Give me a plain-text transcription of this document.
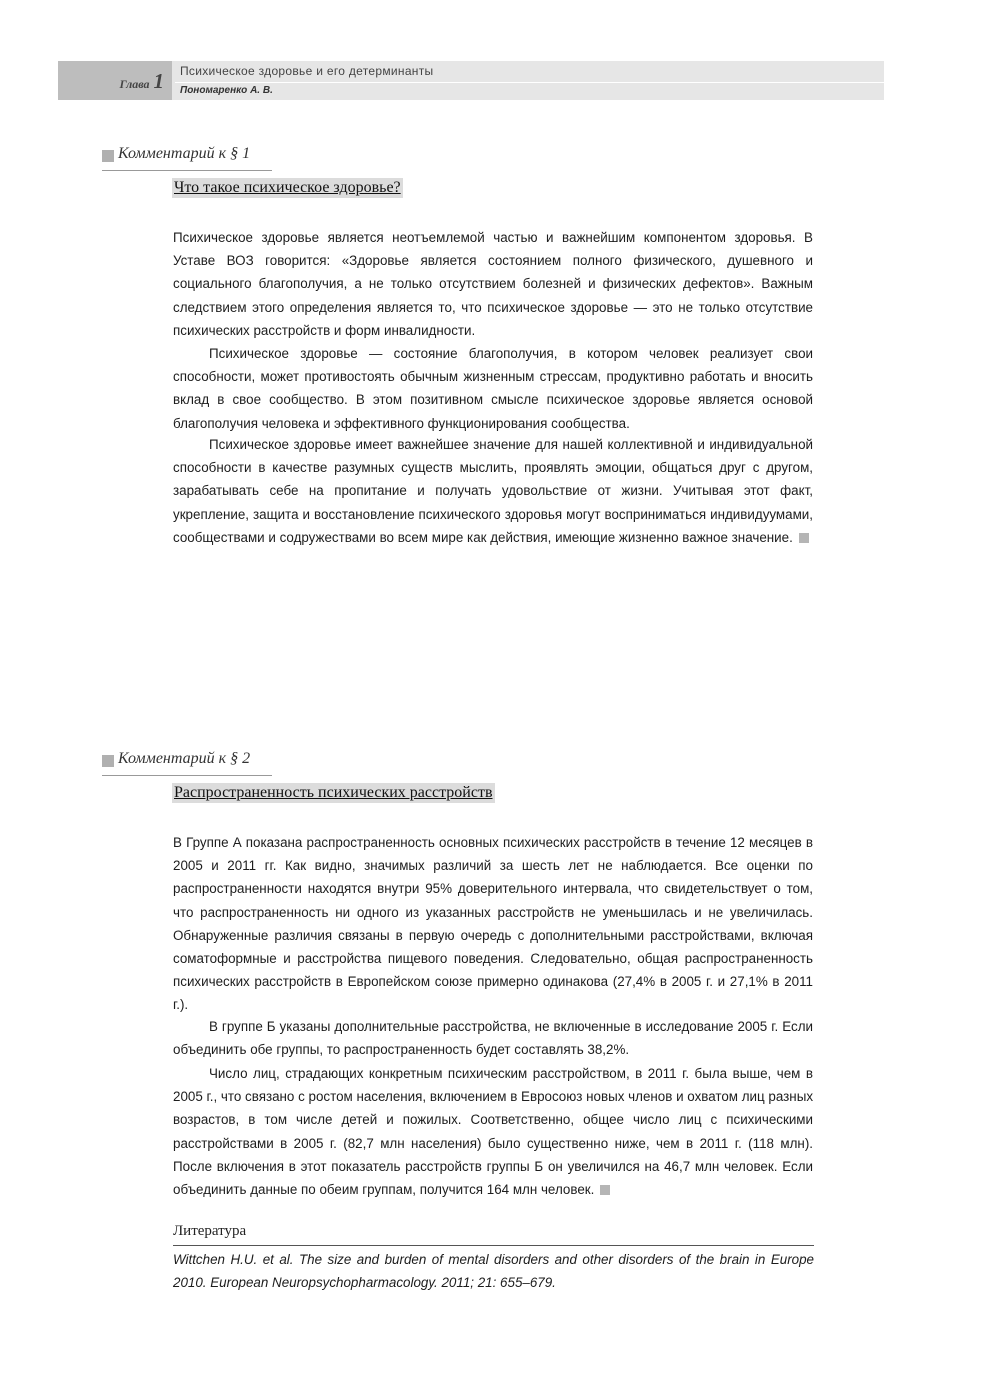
Глава 1 Психическое здоровье и его детерминанты
Пономаренко А. В.
Комментарий к § 1
Что такое психическое здоровье?

Психическое здоровье является неотъемлемой частью и важнейшим компонентом здоровья. В Уставе ВОЗ говорится: «Здоровье является состоянием полного физического, душевного и социального благополучия, а не только отсутствием болезней и физических дефектов». Важным следствием этого определения является то, что психическое здоровье — это не только отсутствие психических расстройств и форм инвалидности.

Психическое здоровье — состояние благополучия, в котором человек реализует свои способности, может противостоять обычным жизненным стрессам, продуктивно работать и вносить вклад в свое сообщество. В этом позитивном смысле психическое здоровье является основой благополучия человека и эффективного функционирования сообщества.

Психическое здоровье имеет важнейшее значение для нашей коллективной и индивидуальной способности в качестве разумных существ мыслить, проявлять эмоции, общаться друг с другом, зарабатывать себе на пропитание и получать удовольствие от жизни. Учитывая этот факт, укрепление, защита и восстановление психического здоровья могут восприниматься индивидуумами, сообществами и содружествами во всем мире как действия, имеющие жизненно важное значение.

Комментарий к § 2
Распространенность психических расстройств

В Группе А показана распространенность основных психических расстройств в течение 12 месяцев в 2005 и 2011 гг. Как видно, значимых различий за шесть лет не наблюдается. Все оценки по распространенности находятся внутри 95% доверительного интервала, что свидетельствует о том, что распространенность ни одного из указанных расстройств не уменьшилась и не увеличилась. Обнаруженные различия связаны в первую очередь с дополнительными расстройствами, включая соматоформные и расстройства пищевого поведения. Следовательно, общая распространенность психических расстройств в Европейском союзе примерно одинакова (27,4% в 2005 г. и 27,1% в 2011 г.).

В группе Б указаны дополнительные расстройства, не включенные в исследование 2005 г. Если объединить обе группы, то распространенность будет составлять 38,2%.

Число лиц, страдающих конкретным психическим расстройством, в 2011 г. была выше, чем в 2005 г., что связано с ростом населения, включением в Евросоюз новых членов и охватом лиц разных возрастов, в том числе детей и пожилых. Соответственно, общее число лиц с психическими расстройствами в 2005 г. (82,7 млн населения) было существенно ниже, чем в 2011 г. (118 млн). После включения в этот показатель расстройств группы Б он увеличился на 46,7 млн человек. Если объединить данные по обеим группам, получится 164 млн человек.

Литература

Wittchen H.U. et al. The size and burden of mental disorders and other disorders of the brain in Europe 2010. European Neuropsychopharmacology. 2011; 21: 655–679.
